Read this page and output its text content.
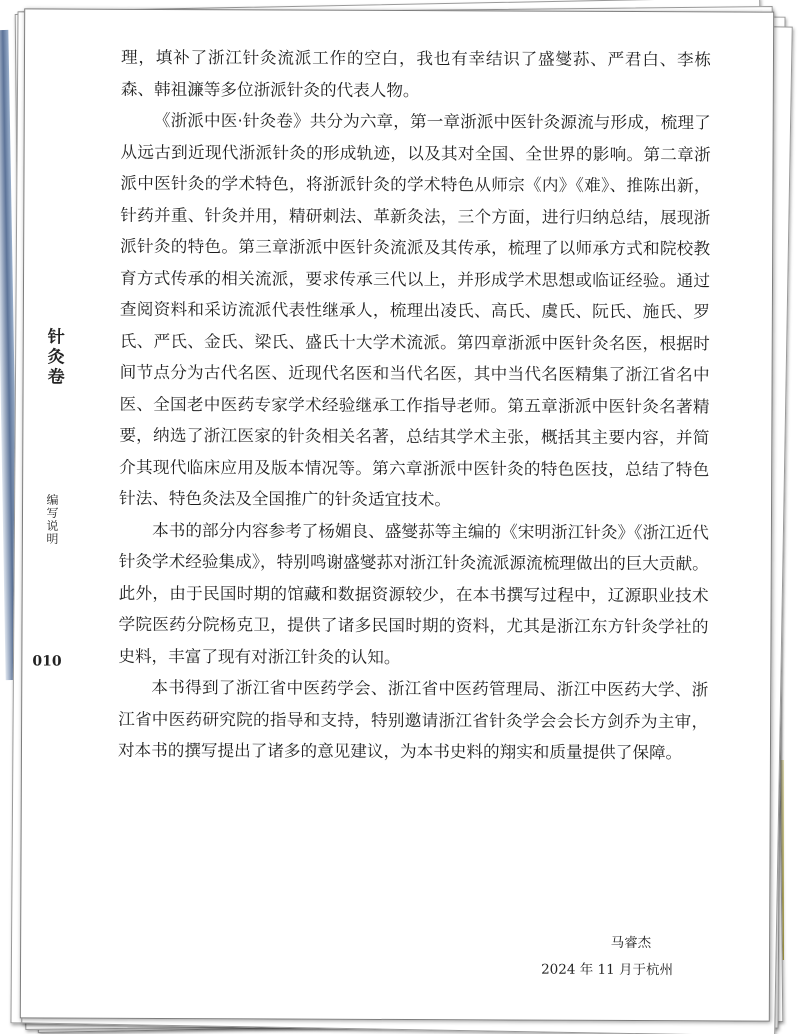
针灸卷
编写说明
010

理，填补了浙江针灸流派工作的空白，我也有幸结识了盛燮荪、严君白、李栋森、韩祖濂等多位浙派针灸的代表人物。

《浙派中医·针灸卷》共分为六章，第一章浙派中医针灸源流与形成，梳理了从远古到近现代浙派针灸的形成轨迹，以及其对全国、全世界的影响。第二章浙派中医针灸的学术特色，将浙派针灸的学术特色从师宗《内》《难》、推陈出新，针药并重、针灸并用，精研刺法、革新灸法，三个方面，进行归纳总结，展现浙派针灸的特色。第三章浙派中医针灸流派及其传承，梳理了以师承方式和院校教育方式传承的相关流派，要求传承三代以上，并形成学术思想或临证经验。通过查阅资料和采访流派代表性继承人，梳理出凌氏、高氏、虞氏、阮氏、施氏、罗氏、严氏、金氏、梁氏、盛氏十大学术流派。第四章浙派中医针灸名医，根据时间节点分为古代名医、近现代名医和当代名医，其中当代名医精集了浙江省名中医、全国老中医药专家学术经验继承工作指导老师。第五章浙派中医针灸名著精要，纳选了浙江医家的针灸相关名著，总结其学术主张，概括其主要内容，并简介其现代临床应用及版本情况等。第六章浙派中医针灸的特色医技，总结了特色针法、特色灸法及全国推广的针灸适宜技术。

本书的部分内容参考了杨媚良、盛燮荪等主编的《宋明浙江针灸》《浙江近代针灸学术经验集成》，特别鸣谢盛燮荪对浙江针灸流派源流梳理做出的巨大贡献。此外，由于民国时期的馆藏和数据资源较少，在本书撰写过程中，辽源职业技术学院医药分院杨克卫，提供了诸多民国时期的资料，尤其是浙江东方针灸学社的史料，丰富了现有对浙江针灸的认知。

本书得到了浙江省中医药学会、浙江省中医药管理局、浙江中医药大学、浙江省中医药研究院的指导和支持，特别邀请浙江省针灸学会会长方剑乔为主审，对本书的撰写提出了诸多的意见建议，为本书史料的翔实和质量提供了保障。

马睿杰
2024 年 11 月于杭州
